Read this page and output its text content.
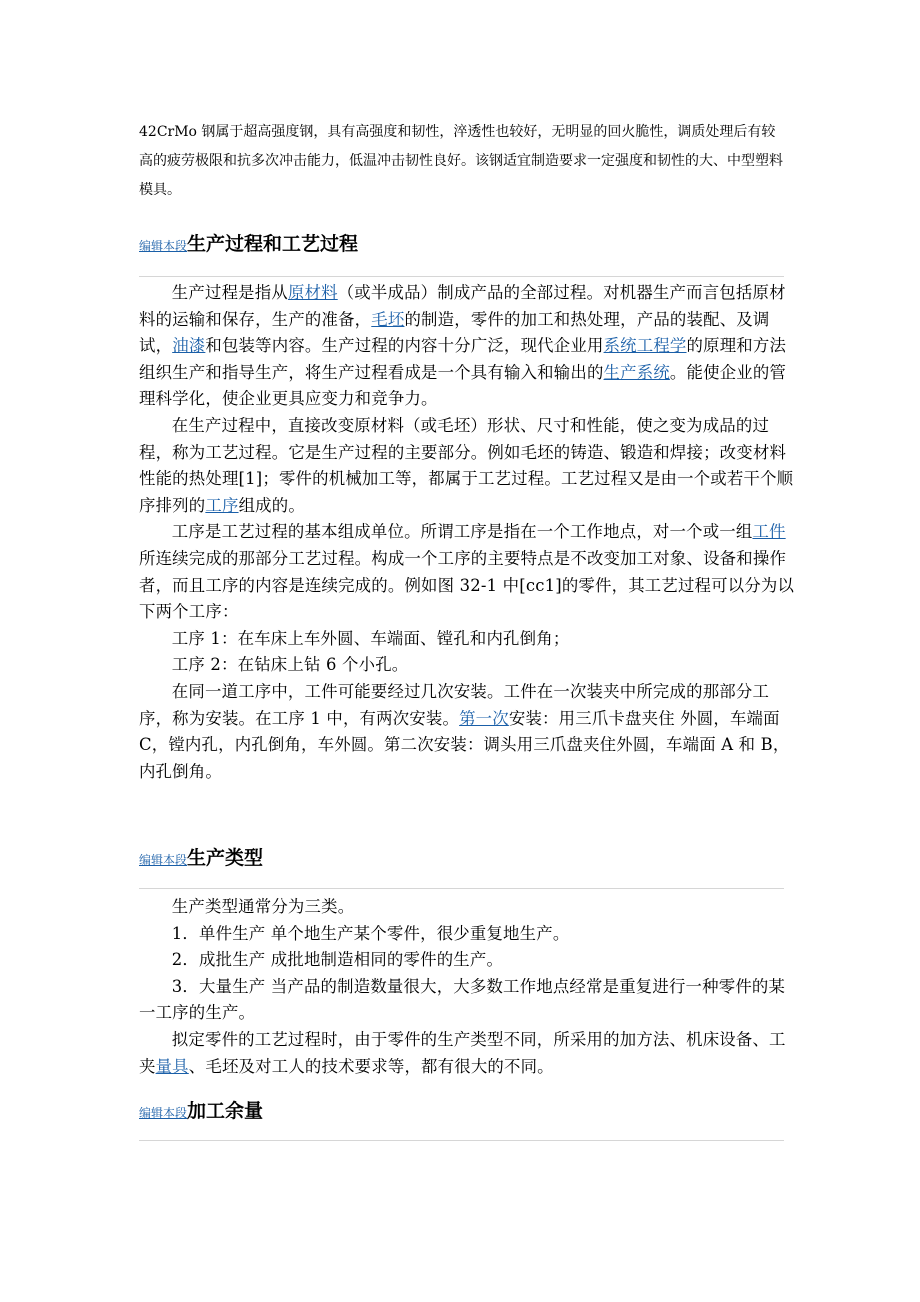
42CrMo 钢属于超高强度钢，具有高强度和韧性，淬透性也较好，无明显的回火脆性，调质处理后有较高的疲劳极限和抗多次冲击能力，低温冲击韧性良好。该钢适宜制造要求一定强度和韧性的大、中型塑料模具。

编辑本段生产过程和工艺过程

生产过程是指从原材料（或半成品）制成产品的全部过程。对机器生产而言包括原材料的运输和保存，生产的准备，毛坯的制造，零件的加工和热处理，产品的装配、及调试，油漆和包装等内容。生产过程的内容十分广泛，现代企业用系统工程学的原理和方法组织生产和指导生产，将生产过程看成是一个具有输入和输出的生产系统。能使企业的管理科学化，使企业更具应变力和竞争力。

在生产过程中，直接改变原材料（或毛坯）形状、尺寸和性能，使之变为成品的过程，称为工艺过程。它是生产过程的主要部分。例如毛坯的铸造、锻造和焊接；改变材料性能的热处理[1]；零件的机械加工等，都属于工艺过程。工艺过程又是由一个或若干个顺序排列的工序组成的。

工序是工艺过程的基本组成单位。所谓工序是指在一个工作地点，对一个或一组工件所连续完成的那部分工艺过程。构成一个工序的主要特点是不改变加工对象、设备和操作者，而且工序的内容是连续完成的。例如图 32-1 中[cc1]的零件，其工艺过程可以分为以下两个工序：

工序 1：在车床上车外圆、车端面、镗孔和内孔倒角；

工序 2：在钻床上钻 6 个小孔。

在同一道工序中，工件可能要经过几次安装。工件在一次装夹中所完成的那部分工序，称为安装。在工序 1 中，有两次安装。第一次安装：用三爪卡盘夹住 外圆，车端面 C，镗内孔，内孔倒角，车外圆。第二次安装：调头用三爪盘夹住外圆，车端面 A 和 B，内孔倒角。

编辑本段生产类型

生产类型通常分为三类。

1．单件生产 单个地生产某个零件，很少重复地生产。

2．成批生产 成批地制造相同的零件的生产。

3．大量生产 当产品的制造数量很大，大多数工作地点经常是重复进行一种零件的某一工序的生产。

拟定零件的工艺过程时，由于零件的生产类型不同，所采用的加方法、机床设备、工夹量具、毛坯及对工人的技术要求等，都有很大的不同。

编辑本段加工余量
